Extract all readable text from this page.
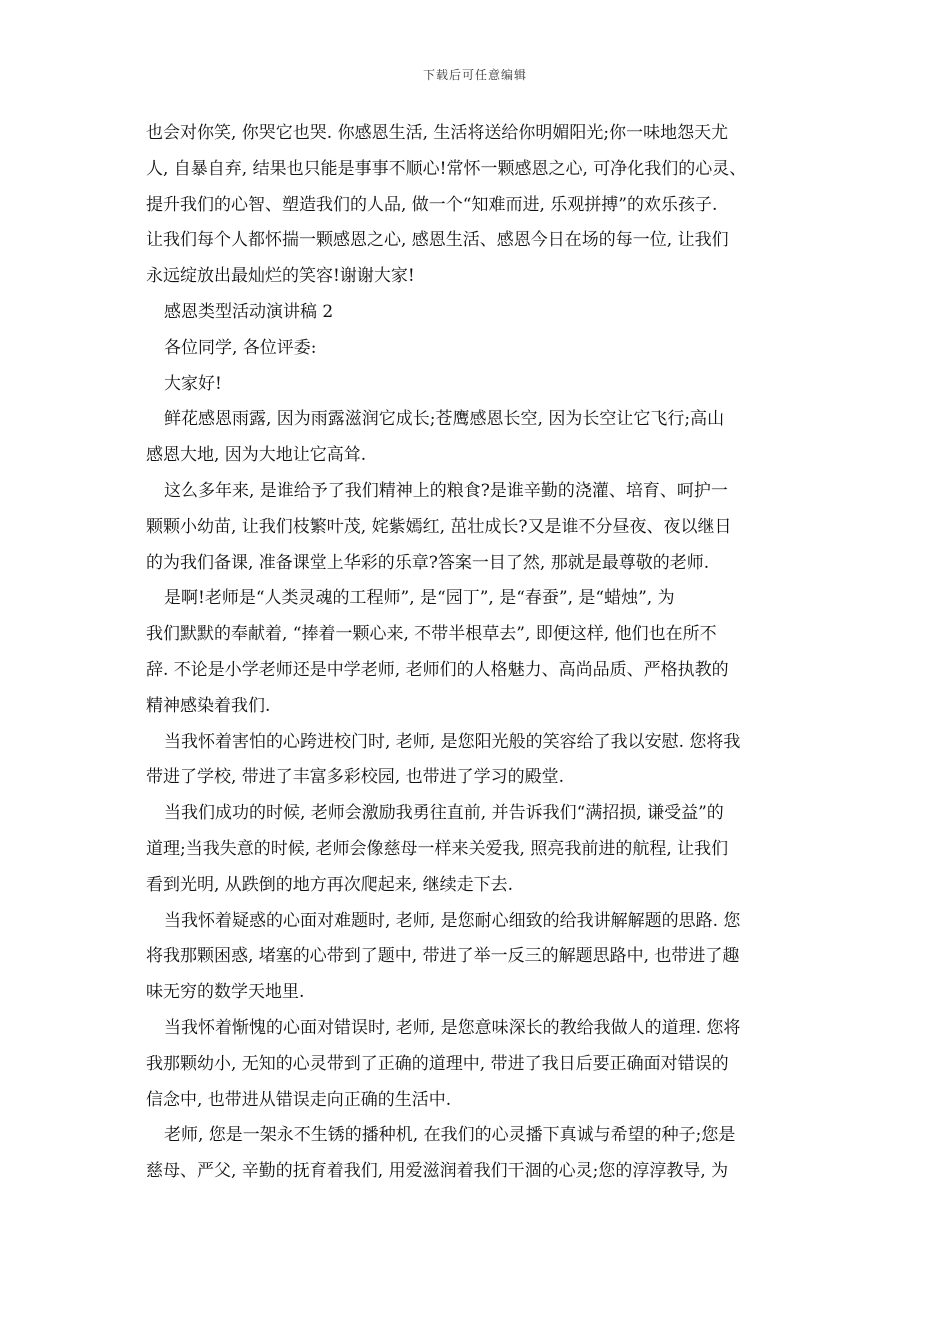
下载后可任意编辑
也会对你笑, 你哭它也哭. 你感恩生活, 生活将送给你明媚阳光;你一味地怨天尤
人, 自暴自弃, 结果也只能是事事不顺心!常怀一颗感恩之心, 可净化我们的心灵、
提升我们的心智、塑造我们的人品, 做一个“知难而进, 乐观拼搏”的欢乐孩子.
让我们每个人都怀揣一颗感恩之心, 感恩生活、感恩今日在场的每一位, 让我们
永远绽放出最灿烂的笑容!谢谢大家!
感恩类型活动演讲稿 2
各位同学, 各位评委:
大家好!
鲜花感恩雨露, 因为雨露滋润它成长;苍鹰感恩长空, 因为长空让它飞行;高山
感恩大地, 因为大地让它高耸.
这么多年来, 是谁给予了我们精神上的粮食?是谁辛勤的浇灌、培育、呵护一
颗颗小幼苗, 让我们枝繁叶茂, 姹紫嫣红, 茁壮成长?又是谁不分昼夜、夜以继日
的为我们备课, 准备课堂上华彩的乐章?答案一目了然, 那就是最尊敬的老师.
是啊!老师是“人类灵魂的工程师”, 是“园丁”, 是“春蚕”, 是“蜡烛”, 为
我们默默的奉献着, “捧着一颗心来, 不带半根草去”, 即便这样, 他们也在所不
辞. 不论是小学老师还是中学老师, 老师们的人格魅力、高尚品质、严格执教的
精神感染着我们.
当我怀着害怕的心跨进校门时, 老师, 是您阳光般的笑容给了我以安慰. 您将我
带进了学校, 带进了丰富多彩校园, 也带进了学习的殿堂.
当我们成功的时候, 老师会激励我勇往直前, 并告诉我们“满招损, 谦受益”的
道理;当我失意的时候, 老师会像慈母一样来关爱我, 照亮我前进的航程, 让我们
看到光明, 从跌倒的地方再次爬起来, 继续走下去.
当我怀着疑惑的心面对难题时, 老师, 是您耐心细致的给我讲解解题的思路. 您
将我那颗困惑, 堵塞的心带到了题中, 带进了举一反三的解题思路中, 也带进了趣
味无穷的数学天地里.
当我怀着惭愧的心面对错误时, 老师, 是您意味深长的教给我做人的道理. 您将
我那颗幼小, 无知的心灵带到了正确的道理中, 带进了我日后要正确面对错误的
信念中, 也带进从错误走向正确的生活中.
老师, 您是一架永不生锈的播种机, 在我们的心灵播下真诚与希望的种子;您是
慈母、严父, 辛勤的抚育着我们, 用爱滋润着我们干涸的心灵;您的淳淳教导, 为
